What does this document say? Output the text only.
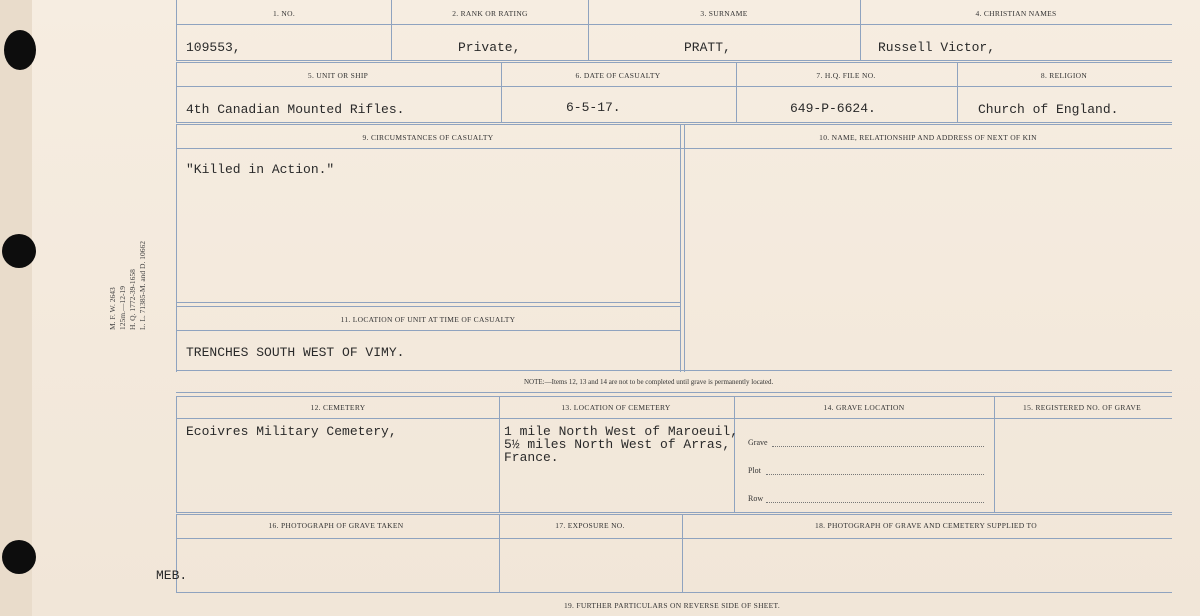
M. F. W. 2643 125m.—12-19 H. Q. 1772-39-1658 L. L. 71385-M. and D. 10662
1. NO.	2. RANK OR RATING	3. SURNAME	4. CHRISTIAN NAMES
109553,	Private,	PRATT,	Russell Victor,
5. UNIT OR SHIP	6. DATE OF CASUALTY	7. H.Q. FILE NO.	8. RELIGION
4th Canadian Mounted Rifles.	6-5-17.	649-P-6624.	Church of England.
9. CIRCUMSTANCES OF CASUALTY	10. NAME, RELATIONSHIP AND ADDRESS OF NEXT OF KIN
"Killed in Action."
11. LOCATION OF UNIT AT TIME OF CASUALTY
TRENCHES SOUTH WEST OF VIMY.
NOTE:—Items 12, 13 and 14 are not to be completed until grave is permanently located.
12. CEMETERY	13. LOCATION OF CEMETERY	14. GRAVE LOCATION	15. REGISTERED NO. OF GRAVE
Ecoivres Military Cemetery,	1 mile North West of Maroeuil,
5½ miles North West of Arras,
France.
Grave
Plot
Row
16. PHOTOGRAPH OF GRAVE TAKEN	17. EXPOSURE NO.	18. PHOTOGRAPH OF GRAVE AND CEMETERY SUPPLIED TO
MEB.
19. FURTHER PARTICULARS ON REVERSE SIDE OF SHEET.
